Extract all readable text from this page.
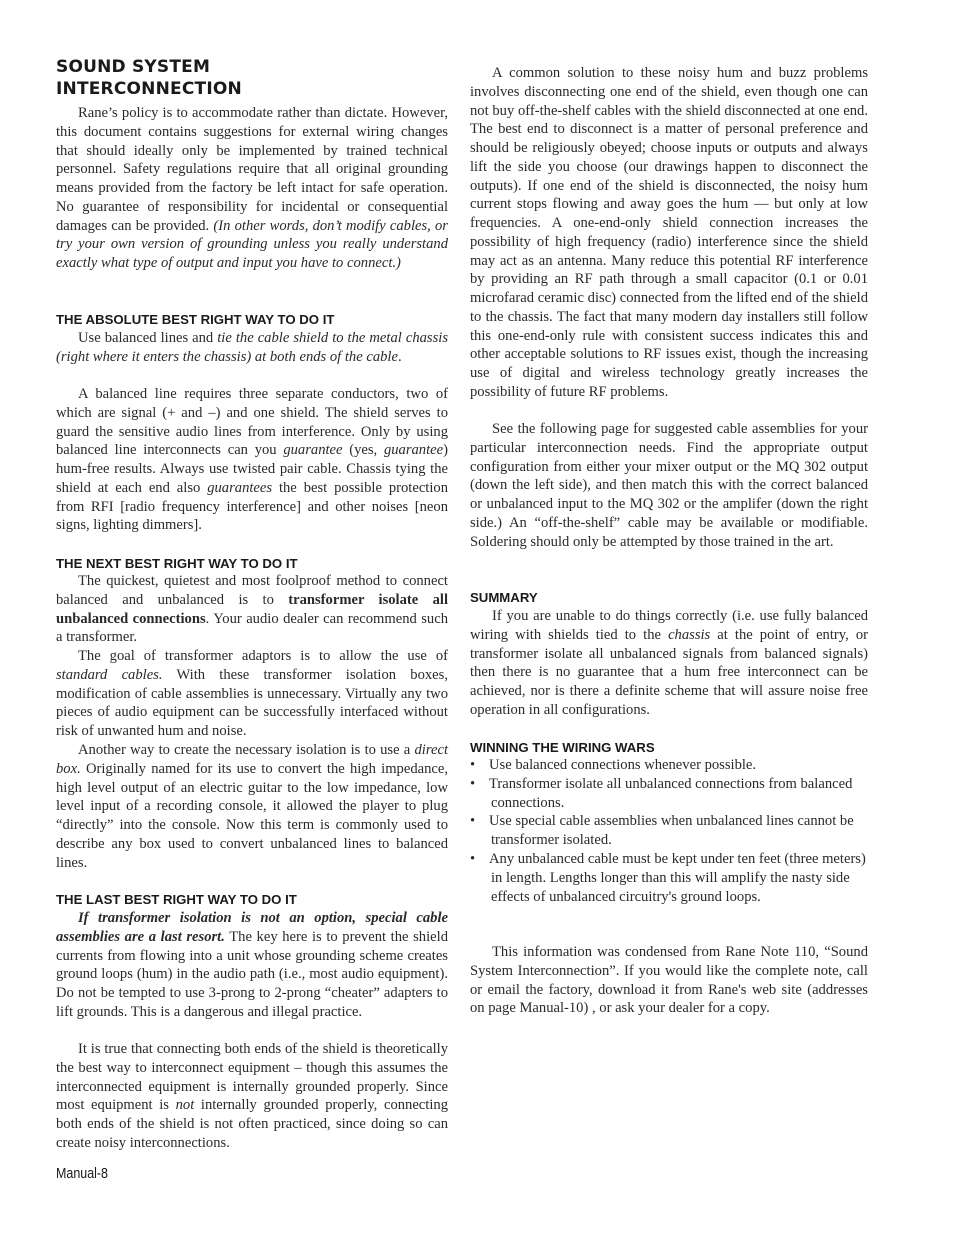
SOUND SYSTEM
INTERCONNECTION

Rane’s policy is to accommodate rather than dictate. However, this document contains suggestions for external wiring changes that should ideally only be implemented by trained technical personnel. Safety regulations require that all original grounding means provided from the factory be left intact for safe operation. No guarantee of responsibility for incidental or consequential damages can be provided. (In other words, don’t modify cables, or try your own version of grounding unless you really understand exactly what type of output and input you have to connect.)

THE ABSOLUTE BEST RIGHT WAY TO DO IT

Use balanced lines and tie the cable shield to the metal chassis (right where it enters the chassis) at both ends of the cable.

A balanced line requires three separate conductors, two of which are signal (+ and –) and one shield. The shield serves to guard the sensitive audio lines from interference. Only by using balanced line interconnects can you guarantee (yes, guarantee) hum-free results. Always use twisted pair cable. Chassis tying the shield at each end also guarantees the best possible protection from RFI [radio frequency interference] and other noises [neon signs, lighting dimmers].

THE NEXT BEST RIGHT WAY TO DO IT

The quickest, quietest and most foolproof method to connect balanced and unbalanced is to transformer isolate all unbalanced connections. Your audio dealer can recommend such a transformer.

The goal of transformer adaptors is to allow the use of standard cables. With these transformer isolation boxes, modification of cable assemblies is unnecessary. Virtually any two pieces of audio equipment can be successfully interfaced without risk of unwanted hum and noise.

Another way to create the necessary isolation is to use a direct box. Originally named for its use to convert the high impedance, high level output of an electric guitar to the low impedance, low level input of a recording console, it allowed the player to plug “directly” into the console. Now this term is commonly used to describe any box used to convert unbalanced lines to balanced lines.

THE LAST BEST RIGHT WAY TO DO IT

If transformer isolation is not an option, special cable assemblies are a last resort. The key here is to prevent the shield currents from flowing into a unit whose grounding scheme creates ground loops (hum) in the audio path (i.e., most audio equipment). Do not be tempted to use 3-prong to 2-prong “cheater” adapters to lift grounds. This is a dangerous and illegal practice.

It is true that connecting both ends of the shield is theoretically the best way to interconnect equipment – though this assumes the interconnected equipment is internally grounded properly. Since most equipment is not internally grounded properly, connecting both ends of the shield is not often practiced, since doing so can create noisy interconnections.

A common solution to these noisy hum and buzz problems involves disconnecting one end of the shield, even though one can not buy off-the-shelf cables with the shield disconnected at one end. The best end to disconnect is a matter of personal preference and should be religiously obeyed; choose inputs or outputs and always lift the side you choose (our drawings happen to disconnect the outputs). If one end of the shield is disconnected, the noisy hum current stops flowing and away goes the hum — but only at low frequencies. A one-end-only shield connection increases the possibility of high frequency (radio) interference since the shield may act as an antenna. Many reduce this potential RF interference by providing an RF path through a small capacitor (0.1 or 0.01 microfarad ceramic disc) connected from the lifted end of the shield to the chassis. The fact that many modern day installers still follow this one-end-only rule with consistent success indicates this and other acceptable solutions to RF issues exist, though the increasing use of digital and wireless technology greatly increases the possibility of future RF problems.

See the following page for suggested cable assemblies for your particular interconnection needs. Find the appropriate output configuration from either your mixer output or the MQ 302 output (down the left side), and then match this with the correct balanced or unbalanced input to the MQ 302 or the amplifer (down the right side.) An “off-the-shelf” cable may be available or modifiable. Soldering should only be attempted by those trained in the art.

SUMMARY

If you are unable to do things correctly (i.e. use fully balanced wiring with shields tied to the chassis at the point of entry, or transformer isolate all unbalanced signals from balanced signals) then there is no guarantee that a hum free interconnect can be achieved, nor is there a definite scheme that will assure noise free operation in all configurations.

WINNING THE WIRING WARS
• Use balanced connections whenever possible.
• Transformer isolate all unbalanced connections from balanced connections.
• Use special cable assemblies when unbalanced lines cannot be transformer isolated.
• Any unbalanced cable must be kept under ten feet (three meters) in length. Lengths longer than this will amplify the nasty side effects of unbalanced circuitry's ground loops.

This information was condensed from Rane Note 110, “Sound System Interconnection”. If you would like the complete note, call or email the factory, download it from Rane's web site (addresses on page Manual-10) , or ask your dealer for a copy.

Manual-8
